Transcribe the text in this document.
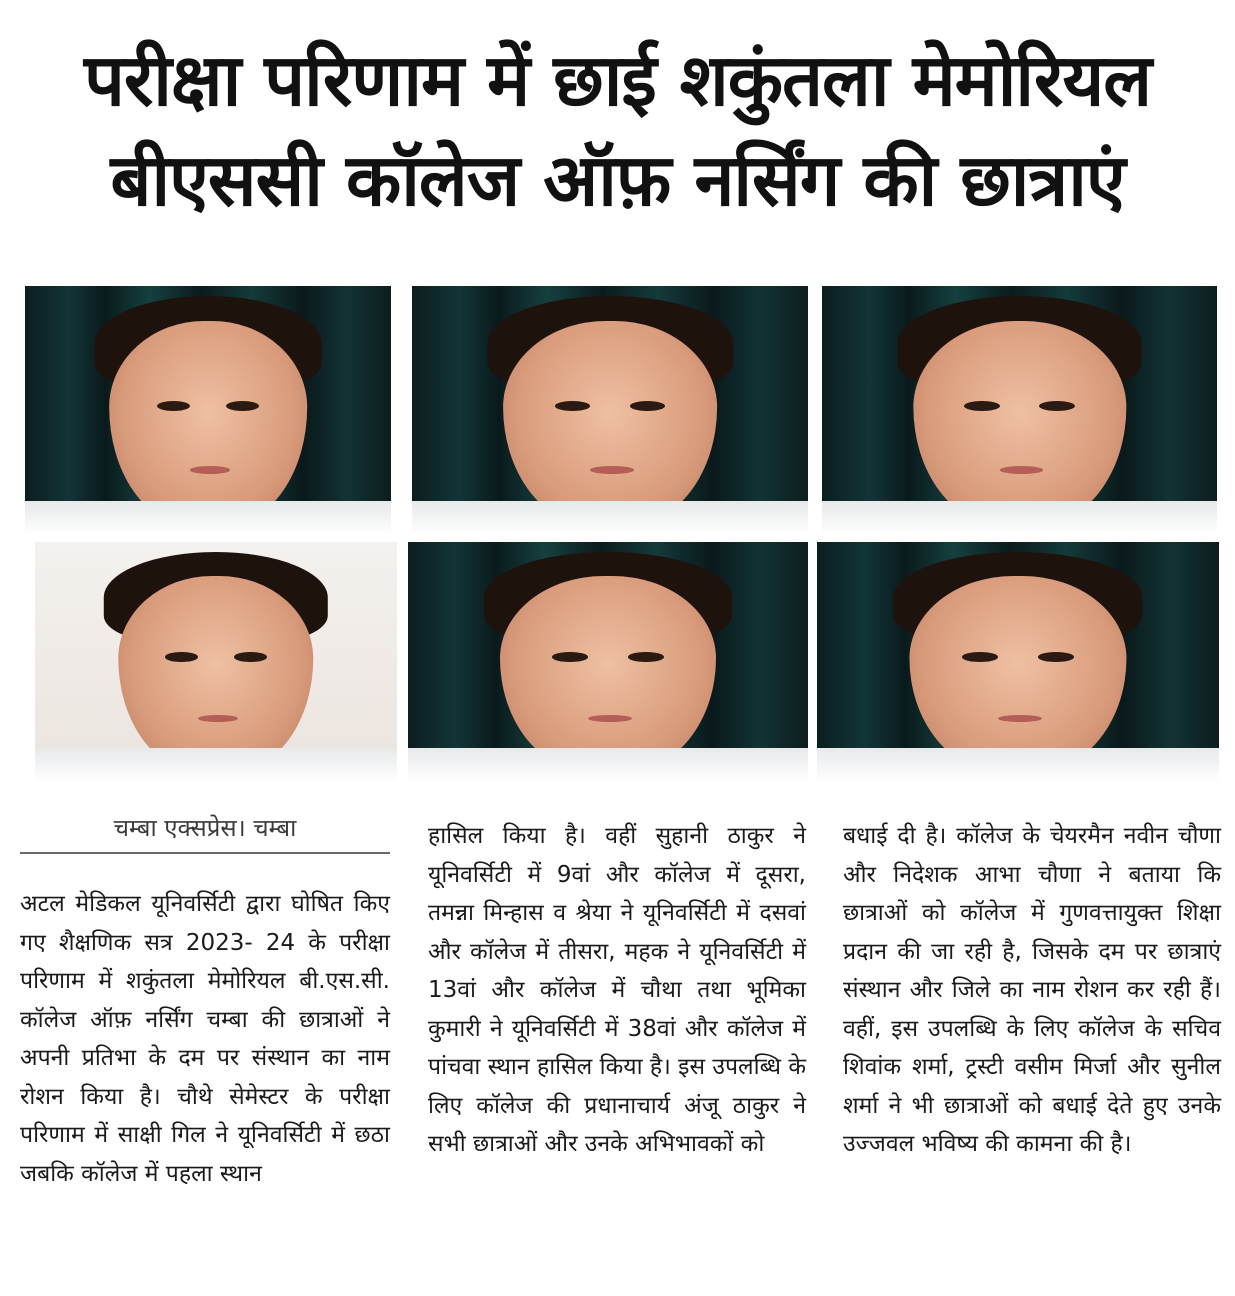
परीक्षा परिणाम में छाई शकुंतला मेमोरियल
बीएससी कॉलेज ऑफ़ नर्सिंग की छात्राएं
चम्बा एक्सप्रेस। चम्बा

अटल मेडिकल यूनिवर्सिटी द्वारा घोषित किए गए शैक्षणिक सत्र 2023- 24 के परीक्षा परिणाम में शकुंतला मेमोरियल बी.एस.सी. कॉलेज ऑफ़ नर्सिंग चम्बा की छात्राओं ने अपनी प्रतिभा के दम पर संस्थान का नाम रोशन किया है। चौथे सेमेस्टर के परीक्षा परिणाम में साक्षी गिल ने यूनिवर्सिटी में छठा जबकि कॉलेज में पहला स्थान

हासिल किया है। वहीं सुहानी ठाकुर ने यूनिवर्सिटी में 9वां और कॉलेज में दूसरा, तमन्ना मिन्हास व श्रेया ने यूनिवर्सिटी में दसवां और कॉलेज में तीसरा, महक ने यूनिवर्सिटी में 13वां और कॉलेज में चौथा तथा भूमिका कुमारी ने यूनिवर्सिटी में 38वां और कॉलेज में पांचवा स्थान हासिल किया है। इस उपलब्धि के लिए कॉलेज की प्रधानाचार्य अंजू ठाकुर ने सभी छात्राओं और उनके अभिभावकों को

बधाई दी है। कॉलेज के चेयरमैन नवीन चौणा और निदेशक आभा चौणा ने बताया कि छात्राओं को कॉलेज में गुणवत्तायुक्त शिक्षा प्रदान की जा रही है, जिसके दम पर छात्राएं संस्थान और जिले का नाम रोशन कर रही हैं। वहीं, इस उपलब्धि के लिए कॉलेज के सचिव शिवांक शर्मा, ट्रस्टी वसीम मिर्जा और सुनील शर्मा ने भी छात्राओं को बधाई देते हुए उनके उज्जवल भविष्य की कामना की है।
